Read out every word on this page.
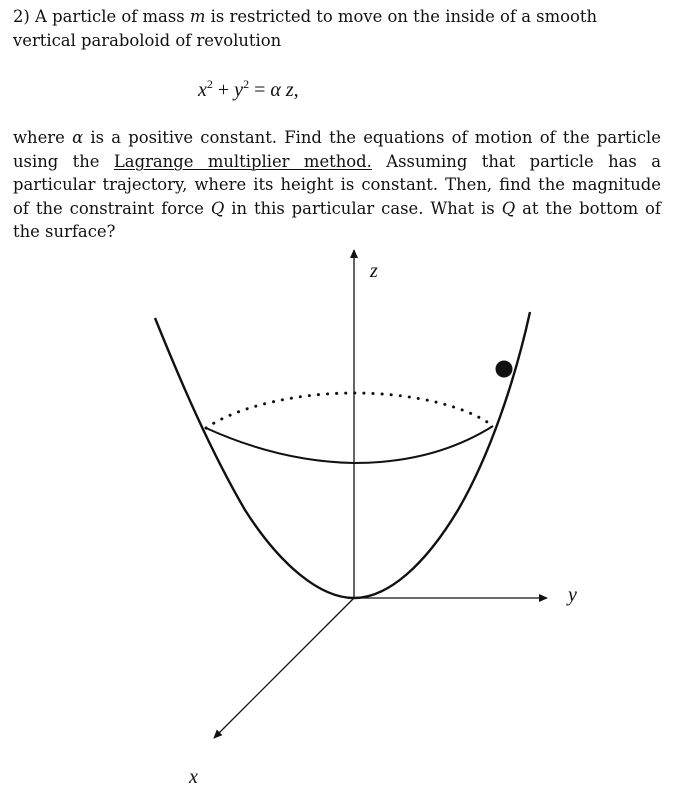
2) A particle of mass m is restricted to move on the inside of a smooth vertical paraboloid of revolution

$x^2 + y^2 = \alpha$ z,

where α is a positive constant. Find the equations of motion of the particle using the Lagrange multiplier method. Assuming that particle has a particular trajectory, where its height is constant. Then, find the magnitude of the constraint force Q in this particular case. What is Q at the bottom of the surface?

z
y
x
